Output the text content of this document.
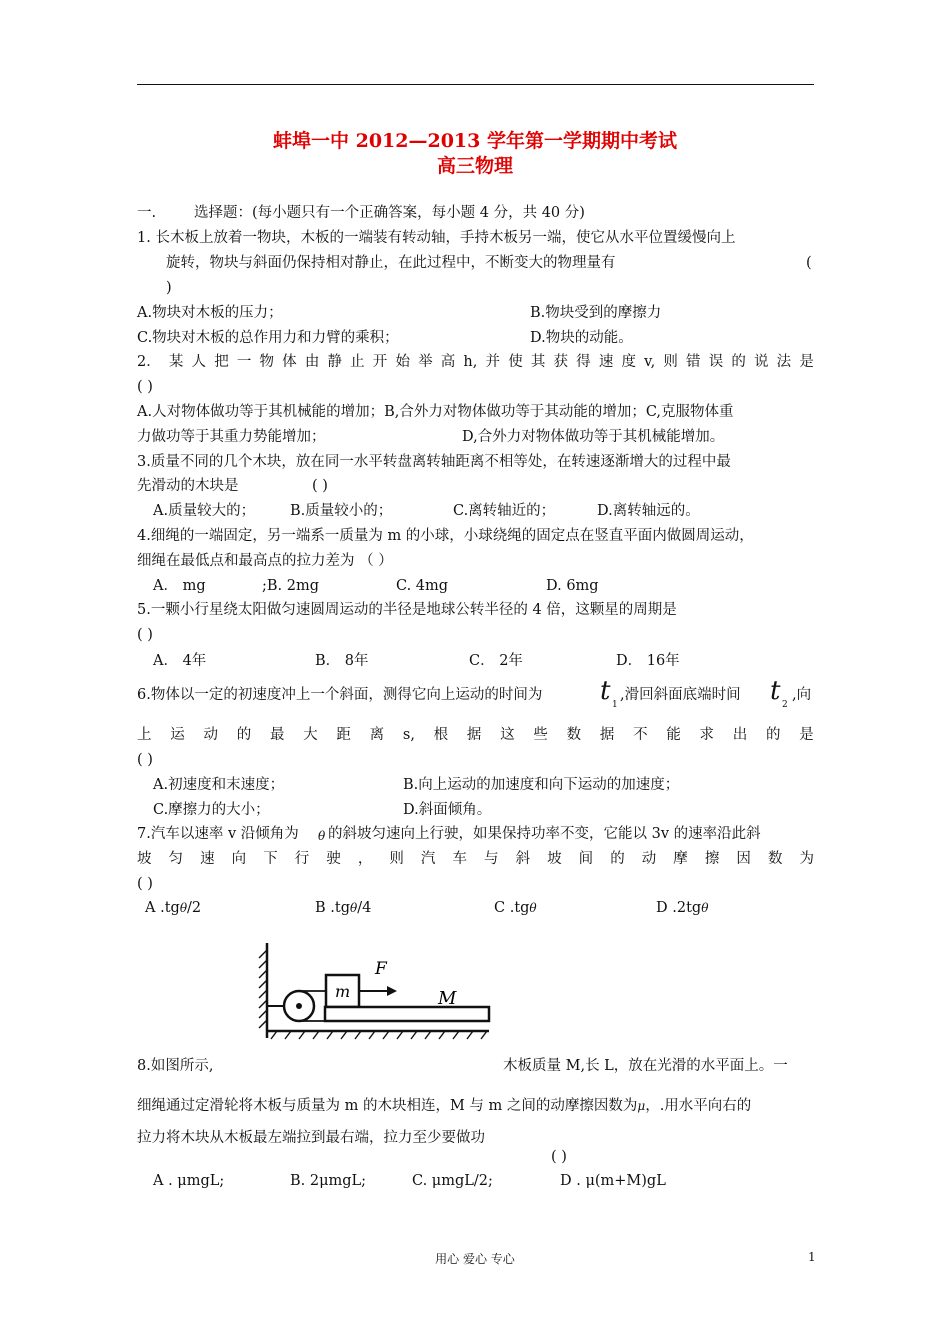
蚌埠一中 2012—2013 学年第一学期期中考试
高三物理
一.	选择题：(每小题只有一个正确答案，每小题 4 分，共 40 分)
1. 长木板上放着一物块，木板的一端装有转动轴，手持木板另一端，使它从水平位置缓慢向上
旋转，物块与斜面仍保持相对静止，在此过程中，不断变大的物理量有	(
)
A.物块对木板的压力；	B.物块受到的摩擦力
C.物块对木板的总作用力和力臂的乘积；	D.物块的动能。
2． 某 人 把 一 物 体 由 静 止 开 始 举 高 h, 并 使 其 获 得 速 度 v, 则 错 误 的 说 法 是
( )
A.人对物体做功等于其机械能的增加；B,合外力对物体做功等于其动能的增加；C,克服物体重
力做功等于其重力势能增加；	D,合外力对物体做功等于其机械能增加。
3.质量不同的几个木块，放在同一水平转盘离转轴距离不相等处，在转速逐渐增大的过程中最
先滑动的木块是	( )
A.质量较大的； B.质量较小的；	C.离转轴近的；	D.离转轴远的。
4.细绳的一端固定，另一端系一质量为 m 的小球，小球绕绳的固定点在竖直平面内做圆周运动，
细绳在最低点和最高点的拉力差为 （ ）
A． mg	;B. 2mg	C. 4mg	D. 6mg
5.一颗小行星绕太阳做匀速圆周运动的半径是地球公转半径的 4 倍，这颗星的周期是
( )
A． 4年	B． 8年	C． 2年	D． 16年
6.物体以一定的初速度冲上一个斜面，测得它向上运动的时间为 t 1
,滑回斜面底端时间 t 2
,向
上 运 动 的 最 大 距 离 s, 根 据 这 些 数 据 不 能 求 出 的 是
( )
A.初速度和末速度；	B.向上运动的加速度和向下运动的加速度；
C.摩擦力的大小；	D.斜面倾角。
7.汽车以速率 v 沿倾角为 θ 的斜坡匀速向上行驶，如果保持功率不变，它能以 3v 的速率沿此斜
坡 匀 速 向 下 行 驶 ， 则 汽 车 与 斜 坡 间 的 动 摩 擦 因 数 为
( )
A .tgθ/2	B .tgθ/4	C .tgθ	D .2tgθ
m
F
M
8.如图所示,	木板质量 M,长 L，放在光滑的水平面上。一
细绳通过定滑轮将木板与质量为 m 的木块相连，M 与 m 之间的动摩擦因数为μ，.用水平向右的
拉力将木块从木板最左端拉到最右端，拉力至少要做功
( )
A . μmgL;	B. 2μmgL;	C. μmgL/2;	D . μ(m+M)gL
用心 爱心 专心	1
